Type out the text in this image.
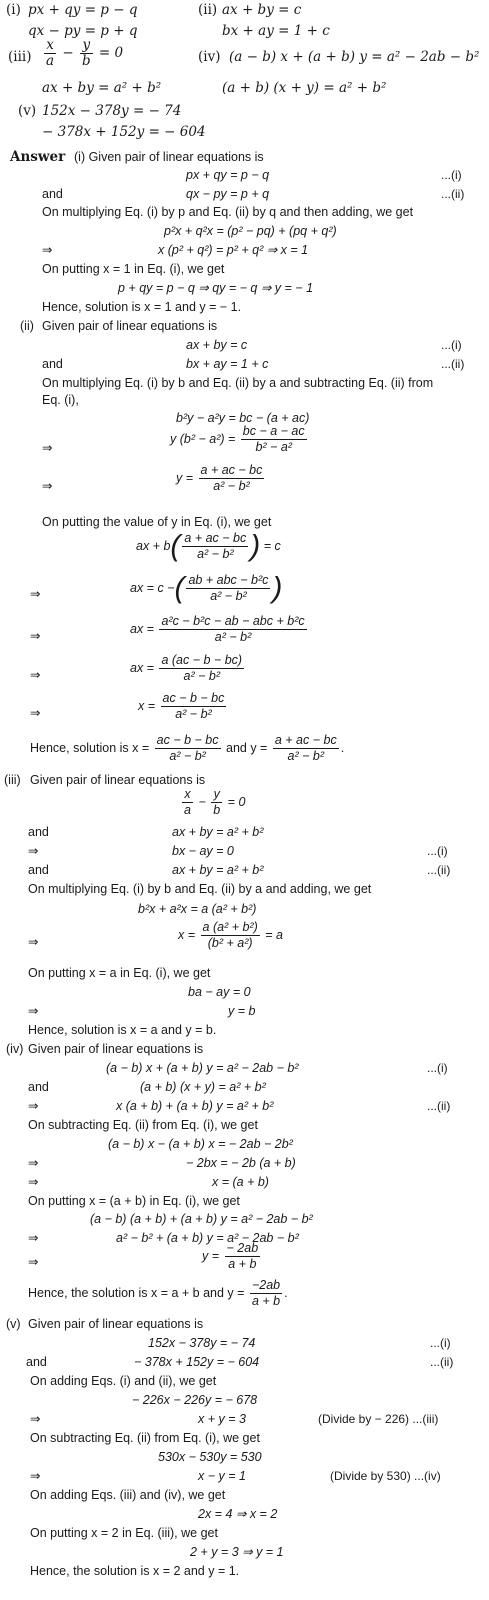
(i) px + qy = p − q
qx − py = p + q
(ii) ax + by = c
bx + ay = 1 + c
$(iii) \frac{x}{a} - \frac{y}{b} = 0$
ax + by = a² + b²
(iv) (a − b) x + (a + b) y = a² − 2ab − b²
(a + b) (x + y) = a² + b²
(v) 152x − 378y = − 74
− 378x + 152y = − 604
Answer (i) Given pair of linear equations is
px + qy = p − q	...(i)
and	qx − py = p + q	...(ii)
On multiplying Eq. (i) by p and Eq. (ii) by q and then adding, we get
p²x + q²x = (p² − pq) + (pq + q²)
⇒	x (p² + q²) = p² + q² ⇒ x = 1
On putting x = 1 in Eq. (i), we get
p + qy = p − q ⇒ qy = − q ⇒ y = − 1
Hence, solution is x = 1 and y = − 1.
(ii) Given pair of linear equations is
ax + by = c	...(i)
and	bx + ay = 1 + c	...(ii)
On multiplying Eq. (i) by b and Eq. (ii) by a and subtracting Eq. (ii) from
Eq. (i),
b²y − a²y = bc − (a + ac)
⇒
y $(b^2 - a^2) = \frac{bc - a - ac}{\text{b² − a²}}$
⇒
$y = \frac{a + ac - bc}{\text{a² − b²}}$
On putting the value of y in Eq. (i), we get
ax + $b( \frac{a + ac - bc}{\text{a² − b²}}$ ) = c
⇒	ax = c −( $\frac{\text{ab + abc − b²c}}{\text{a² − b²}}$ )
⇒
ax = $\frac{\text{a²c − b²c − ab − abc + b²c}}{\text{a² − b²}}$
⇒
ax = $\frac{a (ac - b - bc)}{\text{a² − b²}}$
⇒
$x = \frac{ac - b - bc}{\text{a² − b²}}$
Hence, solution is $x = \frac{ac - b - bc}{\text{a² − b²}}$ and $y = \frac{a + ac - bc}{\text{a² − b²}}$ .
(iii) Given pair of linear equations is
$\frac{x}{a} - \frac{y}{b} = 0$
and	ax + by = a² + b²
⇒	bx − ay = 0	...(i)
and	ax + by = a² + b²	...(ii)
On multiplying Eq. (i) by b and Eq. (ii) by a and adding, we get
b²x + a²x = a (a² + b²)
⇒
$x = \frac{\text{a (a² + b²)}}{\text{(b² + a²)}} = a$
On putting x = a in Eq. (i), we get
ba − ay = 0
⇒	y = b
Hence, solution is x = a and y = b.
(iv) Given pair of linear equations is
(a − b) x + (a + b) y = a² − 2ab − b²	...(i)
and	(a + b) (x + y) = a² + b²
⇒	x (a + b) + (a + b) y = a² + b²	...(ii)
On subtracting Eq. (ii) from Eq. (i), we get
(a − b) x − (a + b) x = − 2ab − 2b²
⇒	− 2bx = − 2b (a + b)
⇒	x = (a + b)
On putting x = (a + b) in Eq. (i), we get
(a − b) (a + b) + (a + b) y = a² − 2ab − b²
⇒	a² − b² + (a + b) y = a² − 2ab − b²
⇒	$y = \frac{- 2ab}{a + b}$
Hence, the solution is x = a + b and $y = \frac{-2ab}{a + b}$ .
(v) Given pair of linear equations is
152x − 378y = − 74	...(i)
and	− 378x + 152y = − 604	...(ii)
On adding Eqs. (i) and (ii), we get
− 226x − 226y = − 678
⇒	x + y = 3	(Divide by − 226) ...(iii)
On subtracting Eq. (ii) from Eq. (i), we get
530x − 530y = 530
⇒	x − y = 1	(Divide by 530) ...(iv)
On adding Eqs. (iii) and (iv), we get
2x = 4 ⇒ x = 2
On putting x = 2 in Eq. (iii), we get
2 + y = 3 ⇒ y = 1
Hence, the solution is x = 2 and y = 1.
